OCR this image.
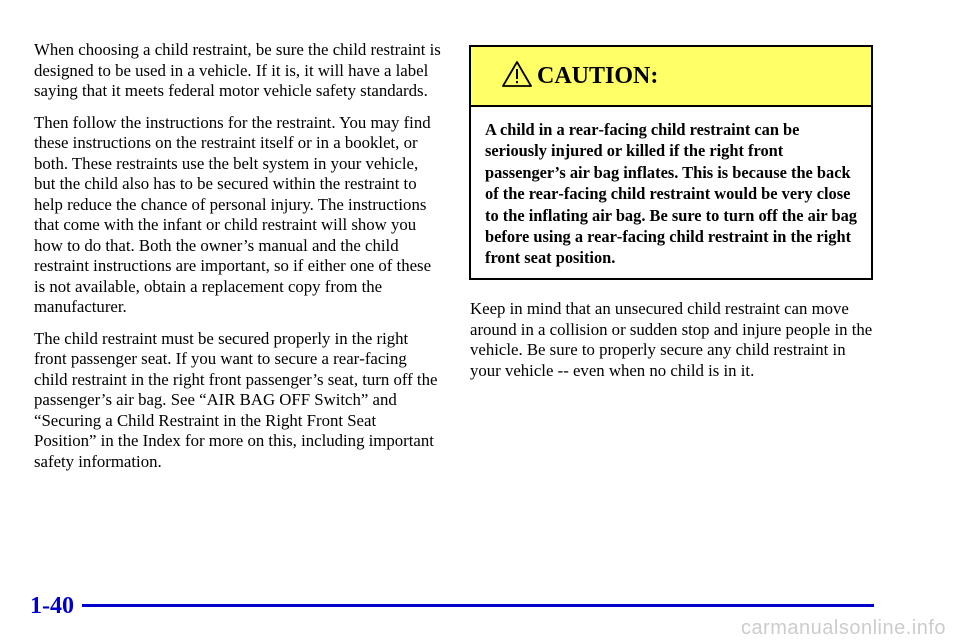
When choosing a child restraint, be sure the child restraint is designed to be used in a vehicle. If it is, it will have a label saying that it meets federal motor vehicle safety standards.

Then follow the instructions for the restraint. You may find these instructions on the restraint itself or in a booklet, or both. These restraints use the belt system in your vehicle, but the child also has to be secured within the restraint to help reduce the chance of personal injury. The instructions that come with the infant or child restraint will show you how to do that. Both the owner’s manual and the child restraint instructions are important, so if either one of these is not available, obtain a replacement copy from the manufacturer.

The child restraint must be secured properly in the right front passenger seat. If you want to secure a rear‑facing child restraint in the right front passenger’s seat, turn off the passenger’s air bag. See “AIR BAG OFF Switch” and “Securing a Child Restraint in the Right Front Seat Position” in the Index for more on this, including important safety information.

CAUTION:
A child in a rear‑facing child restraint can be seriously injured or killed if the right front passenger’s air bag inflates. This is because the back of the rear‑facing child restraint would be very close to the inflating air bag. Be sure to turn off the air bag before using a rear‑facing child restraint in the right front seat position.

Keep in mind that an unsecured child restraint can move around in a collision or sudden stop and injure people in the vehicle. Be sure to properly secure any child restraint in your vehicle -- even when no child is in it.

1-40
carmanualsonline.info
